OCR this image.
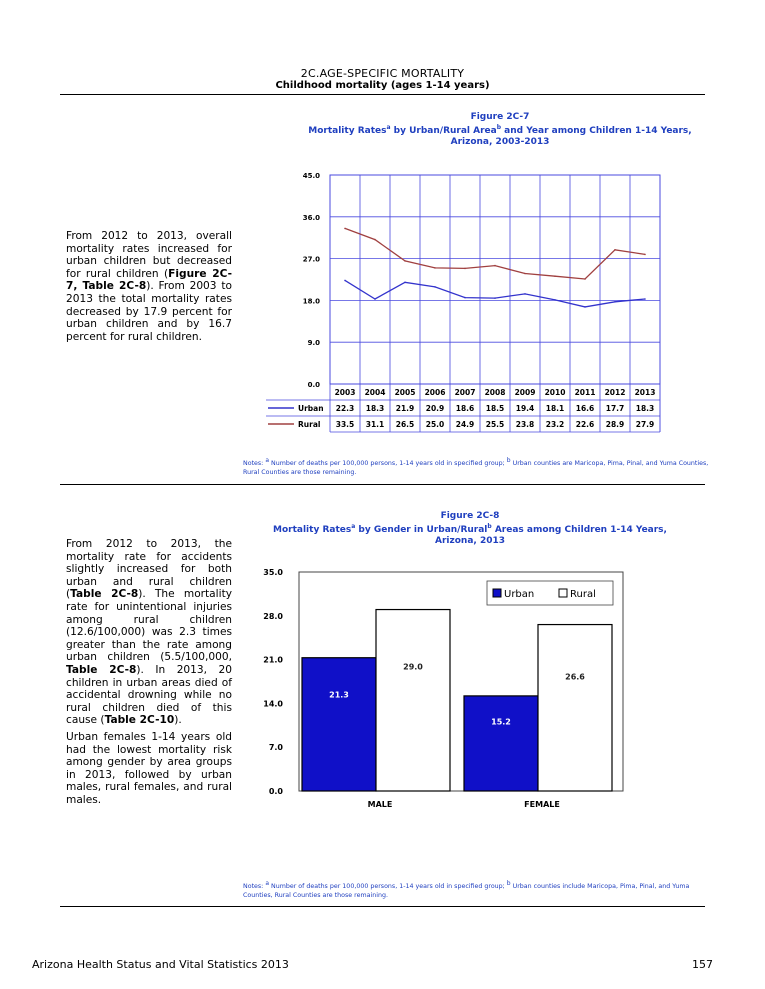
2C.AGE-SPECIFIC MORTALITY
Childhood mortality (ages 1-14 years)
Figure 2C-7
Mortality Rates$^a$ by Urban/Rural Area$^b$ and Year among Children 1-14 Years,
Arizona, 2003-2013
From 2012 to 2013, overall mortality rates increased for urban children but decreased for rural children (Figure 2C-7, Table 2C-8). From 2003 to 2013 the total mortality rates decreased by 17.9 percent for urban children and by 16.7 percent for rural children.
0.0
9.0
18.0
27.0
36.0
45.0
2003 2004 2005 2006 2007 2008 2009 2010 2011 2012 2013
Urban 22.3 18.3 21.9 20.9 18.6 18.5 19.4 18.1 16.6 17.7 18.3
Rural 33.5 31.1 26.5 25.0 24.9 25.5 23.8 23.2 22.6 28.9 27.9
Notes: a Number of deaths per 100,000 persons, 1-14 years old in specified group; b Urban counties are Maricopa, Pima, Pinal, and Yuma Counties, Rural Counties are those remaining.
Figure 2C-8
Mortality Rates$^a$ by Gender in Urban/Rural$^b$ Areas among Children 1-14 Years,
Arizona, 2013
From 2012 to 2013, the mortality rate for accidents slightly increased for both urban and rural children (Table 2C-8). The mortality rate for unintentional injuries among rural children (12.6/100,000) was 2.3 times greater than the rate among urban children (5.5/100,000, Table 2C-8). In 2013, 20 children in urban areas died of accidental drowning while no rural children died of this cause (Table 2C-10).
Urban females 1-14 years old had the lowest mortality risk among gender by area groups in 2013, followed by urban males, rural females, and rural males.
0.0
7.0
14.0
21.0
28.0
35.0
21.3
29.0
MALE
15.2
26.6
FEMALE
Urban	Rural
Notes: a Number of deaths per 100,000 persons, 1-14 years old in specified group; b Urban counties include Maricopa, Pima, Pinal, and Yuma Counties, Rural Counties are those remaining.
Arizona Health Status and Vital Statistics 2013	157
